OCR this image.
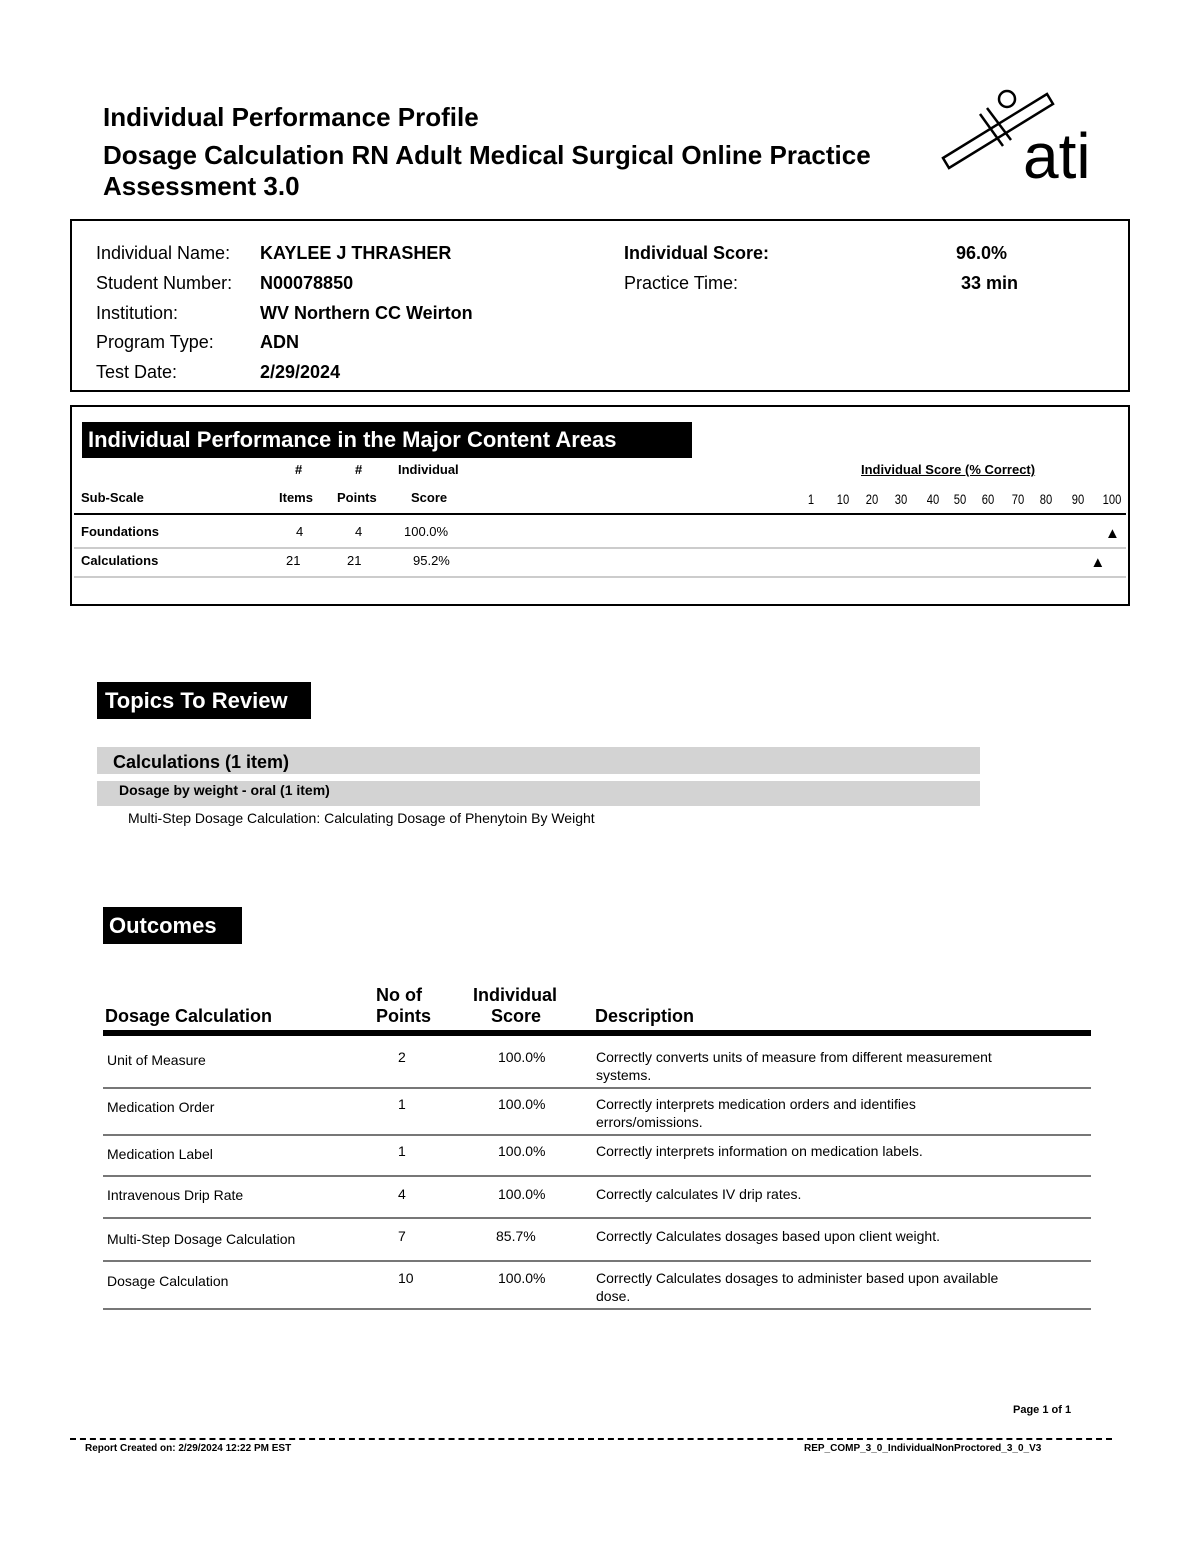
Individual Performance Profile
Dosage Calculation RN Adult Medical Surgical Online Practice Assessment 3.0	ati
Individual Name: KAYLEE J THRASHER
Student Number: N00078850
Institution:	WV Northern CC Weirton
Program Type:	ADN
Test Date:	2/29/2024
Individual Score:	96.0%
Practice Time:	33 min
Individual Performance in the Major Content Areas
#	#	Individual	Individual Score (% Correct)
Sub-Scale	Items Points	Score	1	10 20 30 40 50 60 70 80 90 100
Foundations	4	4	100.0%
Calculations	21	21	95.2%
▲
▲
Topics To Review
Calculations (1 item)
Dosage by weight - oral (1 item)
Multi-Step Dosage Calculation: Calculating Dosage of Phenytoin By Weight
Outcomes
Dosage Calculation
No of
Points
Individual
Score	Description
Unit of Measure	2	100.0%	Correctly converts units of measure from different measurement
systems.
Medication Order	1	100.0%	Correctly interprets medication orders and identifies
errors/omissions.
Medication Label	1	100.0%	Correctly interprets information on medication labels.
Intravenous Drip Rate	4	100.0%	Correctly calculates IV drip rates.
Multi-Step Dosage Calculation	7	85.7%	Correctly Calculates dosages based upon client weight.
Dosage Calculation	10	100.0%	Correctly Calculates dosages to administer based upon available
dose.
Page 1 of 1
Report Created on: 2/29/2024 12:22 PM EST	REP_COMP_3_0_IndividualNonProctored_3_0_V3
